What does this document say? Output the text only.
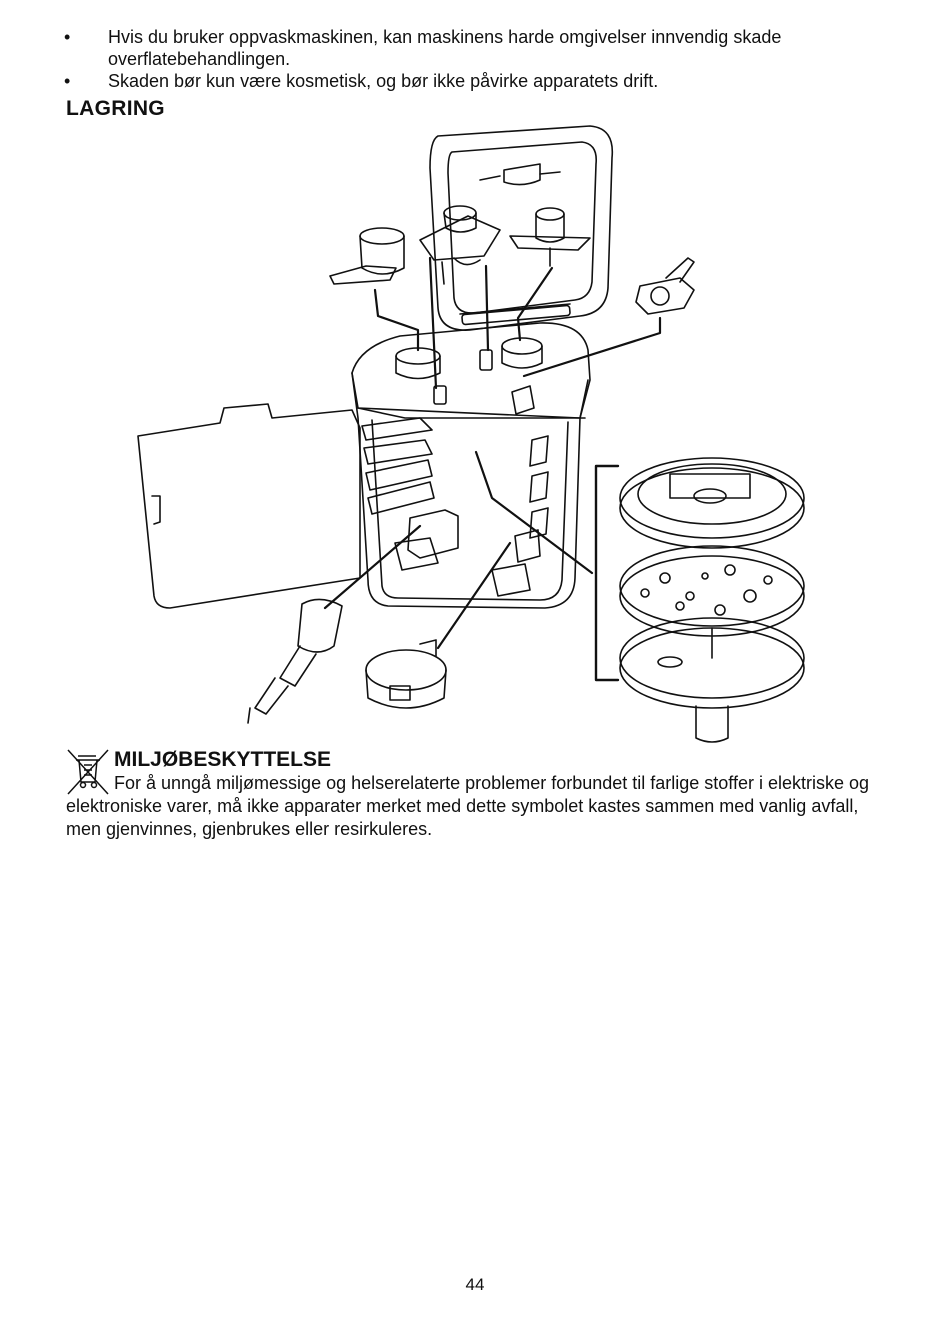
• Hvis du bruker oppvaskmaskinen, kan maskinens harde omgivelser innvendig skade overflatebehandlingen.
• Skaden bør kun være kosmetisk, og bør ikke påvirke apparatets drift.
LAGRING
MILJØBESKYTTELSE

For å unngå miljømessige og helserelaterte problemer forbundet til farlige stoffer i elektriske og elektroniske varer, må ikke apparater merket med dette symbolet kastes sammen med vanlig avfall, men gjenvinnes, gjenbrukes eller resirkuleres.

44
